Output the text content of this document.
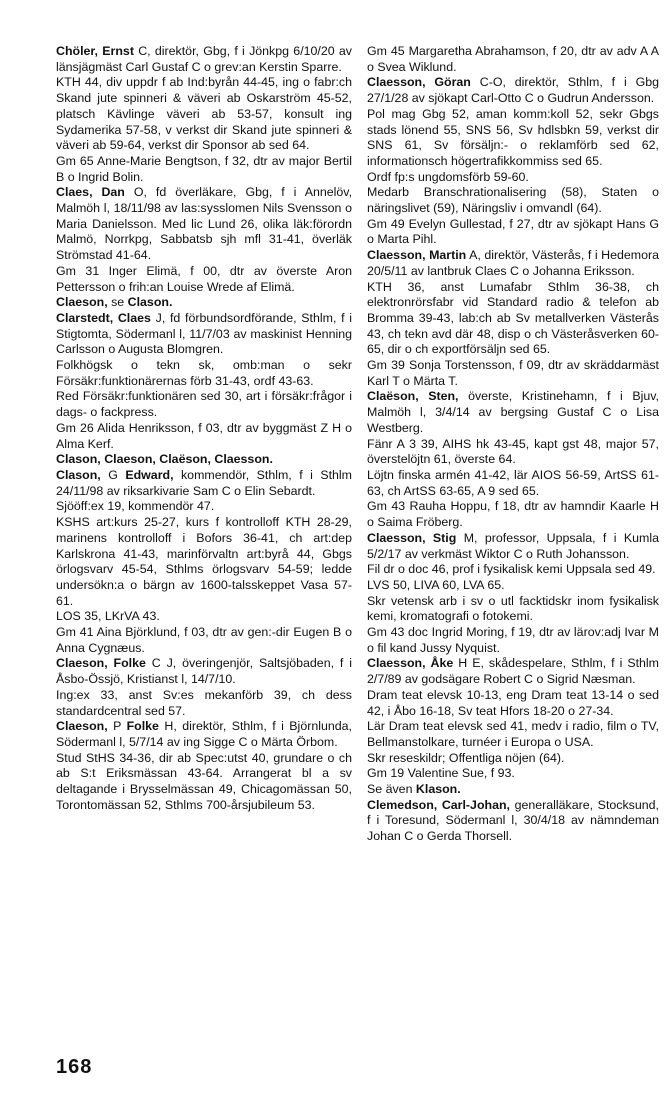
Chöler, Ernst C, direktör, Gbg, f i Jönkpg 6/10/20 av länsjägmäst Carl Gustaf C o grev:an Kerstin Sparre.
KTH 44, div uppdr f ab Ind:byrån 44-45, ing o fabr:ch Skand jute spinneri & väveri ab Oskarström 45-52, platsch Kävlinge väveri ab 53-57, konsult ing Sydamerika 57-58, v verkst dir Skand jute spinneri & väveri ab 59-64, verkst dir Sponsor ab sed 64.
Gm 65 Anne-Marie Bengtson, f 32, dtr av major Bertil B o Ingrid Bolin.
Claes, Dan O, fd överläkare, Gbg, f i Annelöv, Malmöh l, 18/11/98 av las:sysslomen Nils Svensson o Maria Danielsson. Med lic Lund 26, olika läk:förordn Malmö, Norrkpg, Sabbatsb sjh mfl 31-41, överläk Strömstad 41-64.
Gm 31 Inger Elimä, f 00, dtr av överste Aron Pettersson o frih:an Louise Wrede af Elimä.
Claeson, se Clason.
Clarstedt, Claes J, fd förbundsordförande, Sthlm, f i Stigtomta, Södermanl l, 11/7/03 av maskinist Henning Carlsson o Augusta Blomgren.
Folkhögsk o tekn sk, omb:man o sekr Försäkr:funktionärernas förb 31-43, ordf 43-63.
Red Försäkr:funktionären sed 30, art i försäkr:frågor i dags- o fackpress.
Gm 26 Alida Henriksson, f 03, dtr av byggmäst Z H o Alma Kerf.
Clason, Claeson, Claëson, Claesson.
Clason, G Edward, kommendör, Sthlm, f i Sthlm 24/11/98 av riksarkivarie Sam C o Elin Sebardt.
Sjööff:ex 19, kommendör 47.
KSHS art:kurs 25-27, kurs f kontrolloff KTH 28-29, marinens kontrolloff i Bofors 36-41, ch art:dep Karlskrona 41-43, marinförvaltn art:byrå 44, Gbgs örlogsvarv 45-54, Sthlms örlogsvarv 54-59; ledde undersökn:a o bärgn av 1600-talsskeppet Vasa 57-61.
LOS 35, LKrVA 43.
Gm 41 Aina Björklund, f 03, dtr av gen:-dir Eugen B o Anna Cygnæus.
Claeson, Folke C J, överingenjör, Saltsjöbaden, f i Åsbo-Össjö, Kristianst l, 14/7/10.
Ing:ex 33, anst Sv:es mekanförb 39, ch dess standardcentral sed 57.
Claeson, P Folke H, direktör, Sthlm, f i Björnlunda, Södermanl l, 5/7/14 av ing Sigge C o Märta Örbom.
Stud StHS 34-36, dir ab Spec:utst 40, grundare o ch ab S:t Eriksmässan 43-64. Arrangerat bl a sv deltagande i Brysselmässan 49, Chicagomässan 50, Torontomässan 52, Sthlms 700-årsjubileum 53.
Gm 45 Margaretha Abrahamson, f 20, dtr av adv A A o Svea Wiklund.
Claesson, Göran C-O, direktör, Sthlm, f i Gbg 27/1/28 av sjökapt Carl-Otto C o Gudrun Andersson.
Pol mag Gbg 52, aman komm:koll 52, sekr Gbgs stads lönend 55, SNS 56, Sv hdlsbkn 59, verkst dir SNS 61, Sv försäljn:- o reklamförb sed 62, informationsch högertrafikkommiss sed 65.
Ordf fp:s ungdomsförb 59-60.
Medarb Branschrationalisering (58), Staten o näringslivet (59), Näringsliv i omvandl (64).
Gm 49 Evelyn Gullestad, f 27, dtr av sjökapt Hans G o Marta Pihl.
Claesson, Martin A, direktör, Västerås, f i Hedemora 20/5/11 av lantbruk Claes C o Johanna Eriksson.
KTH 36, anst Lumafabr Sthlm 36-38, ch elektronrörsfabr vid Standard radio & telefon ab Bromma 39-43, lab:ch ab Sv metallverken Västerås 43, ch tekn avd där 48, disp o ch Västeråsverken 60-65, dir o ch exportförsäljn sed 65.
Gm 39 Sonja Torstensson, f 09, dtr av skräddarmäst Karl T o Märta T.
Claëson, Sten, överste, Kristinehamn, f i Bjuv, Malmöh l, 3/4/14 av bergsing Gustaf C o Lisa Westberg.
Fänr A 3 39, AIHS hk 43-45, kapt gst 48, major 57, överstelöjtn 61, överste 64.
Löjtn finska armén 41-42, lär AIOS 56-59, ArtSS 61-63, ch ArtSS 63-65, A 9 sed 65.
Gm 43 Rauha Hoppu, f 18, dtr av hamndir Kaarle H o Saima Fröberg.
Claesson, Stig M, professor, Uppsala, f i Kumla 5/2/17 av verkmäst Wiktor C o Ruth Johansson.
Fil dr o doc 46, prof i fysikalisk kemi Uppsala sed 49.
LVS 50, LIVA 60, LVA 65.
Skr vetensk arb i sv o utl facktidskr inom fysikalisk kemi, kromatografi o fotokemi.
Gm 43 doc Ingrid Moring, f 19, dtr av lärov:adj Ivar M o fil kand Jussy Nyquist.
Claesson, Åke H E, skådespelare, Sthlm, f i Sthlm 2/7/89 av godsägare Robert C o Sigrid Næsman.
Dram teat elevsk 10-13, eng Dram teat 13-14 o sed 42, i Åbo 16-18, Sv teat Hfors 18-20 o 27-34.
Lär Dram teat elevsk sed 41, medv i radio, film o TV, Bellmanstolkare, turnéer i Europa o USA.
Skr reseskildr; Offentliga nöjen (64).
Gm 19 Valentine Sue, f 93.
Se även Klason.
Clemedson, Carl-Johan, generalläkare, Stocksund, f i Toresund, Södermanl l, 30/4/18 av nämndeman Johan C o Gerda Thorsell.
168
